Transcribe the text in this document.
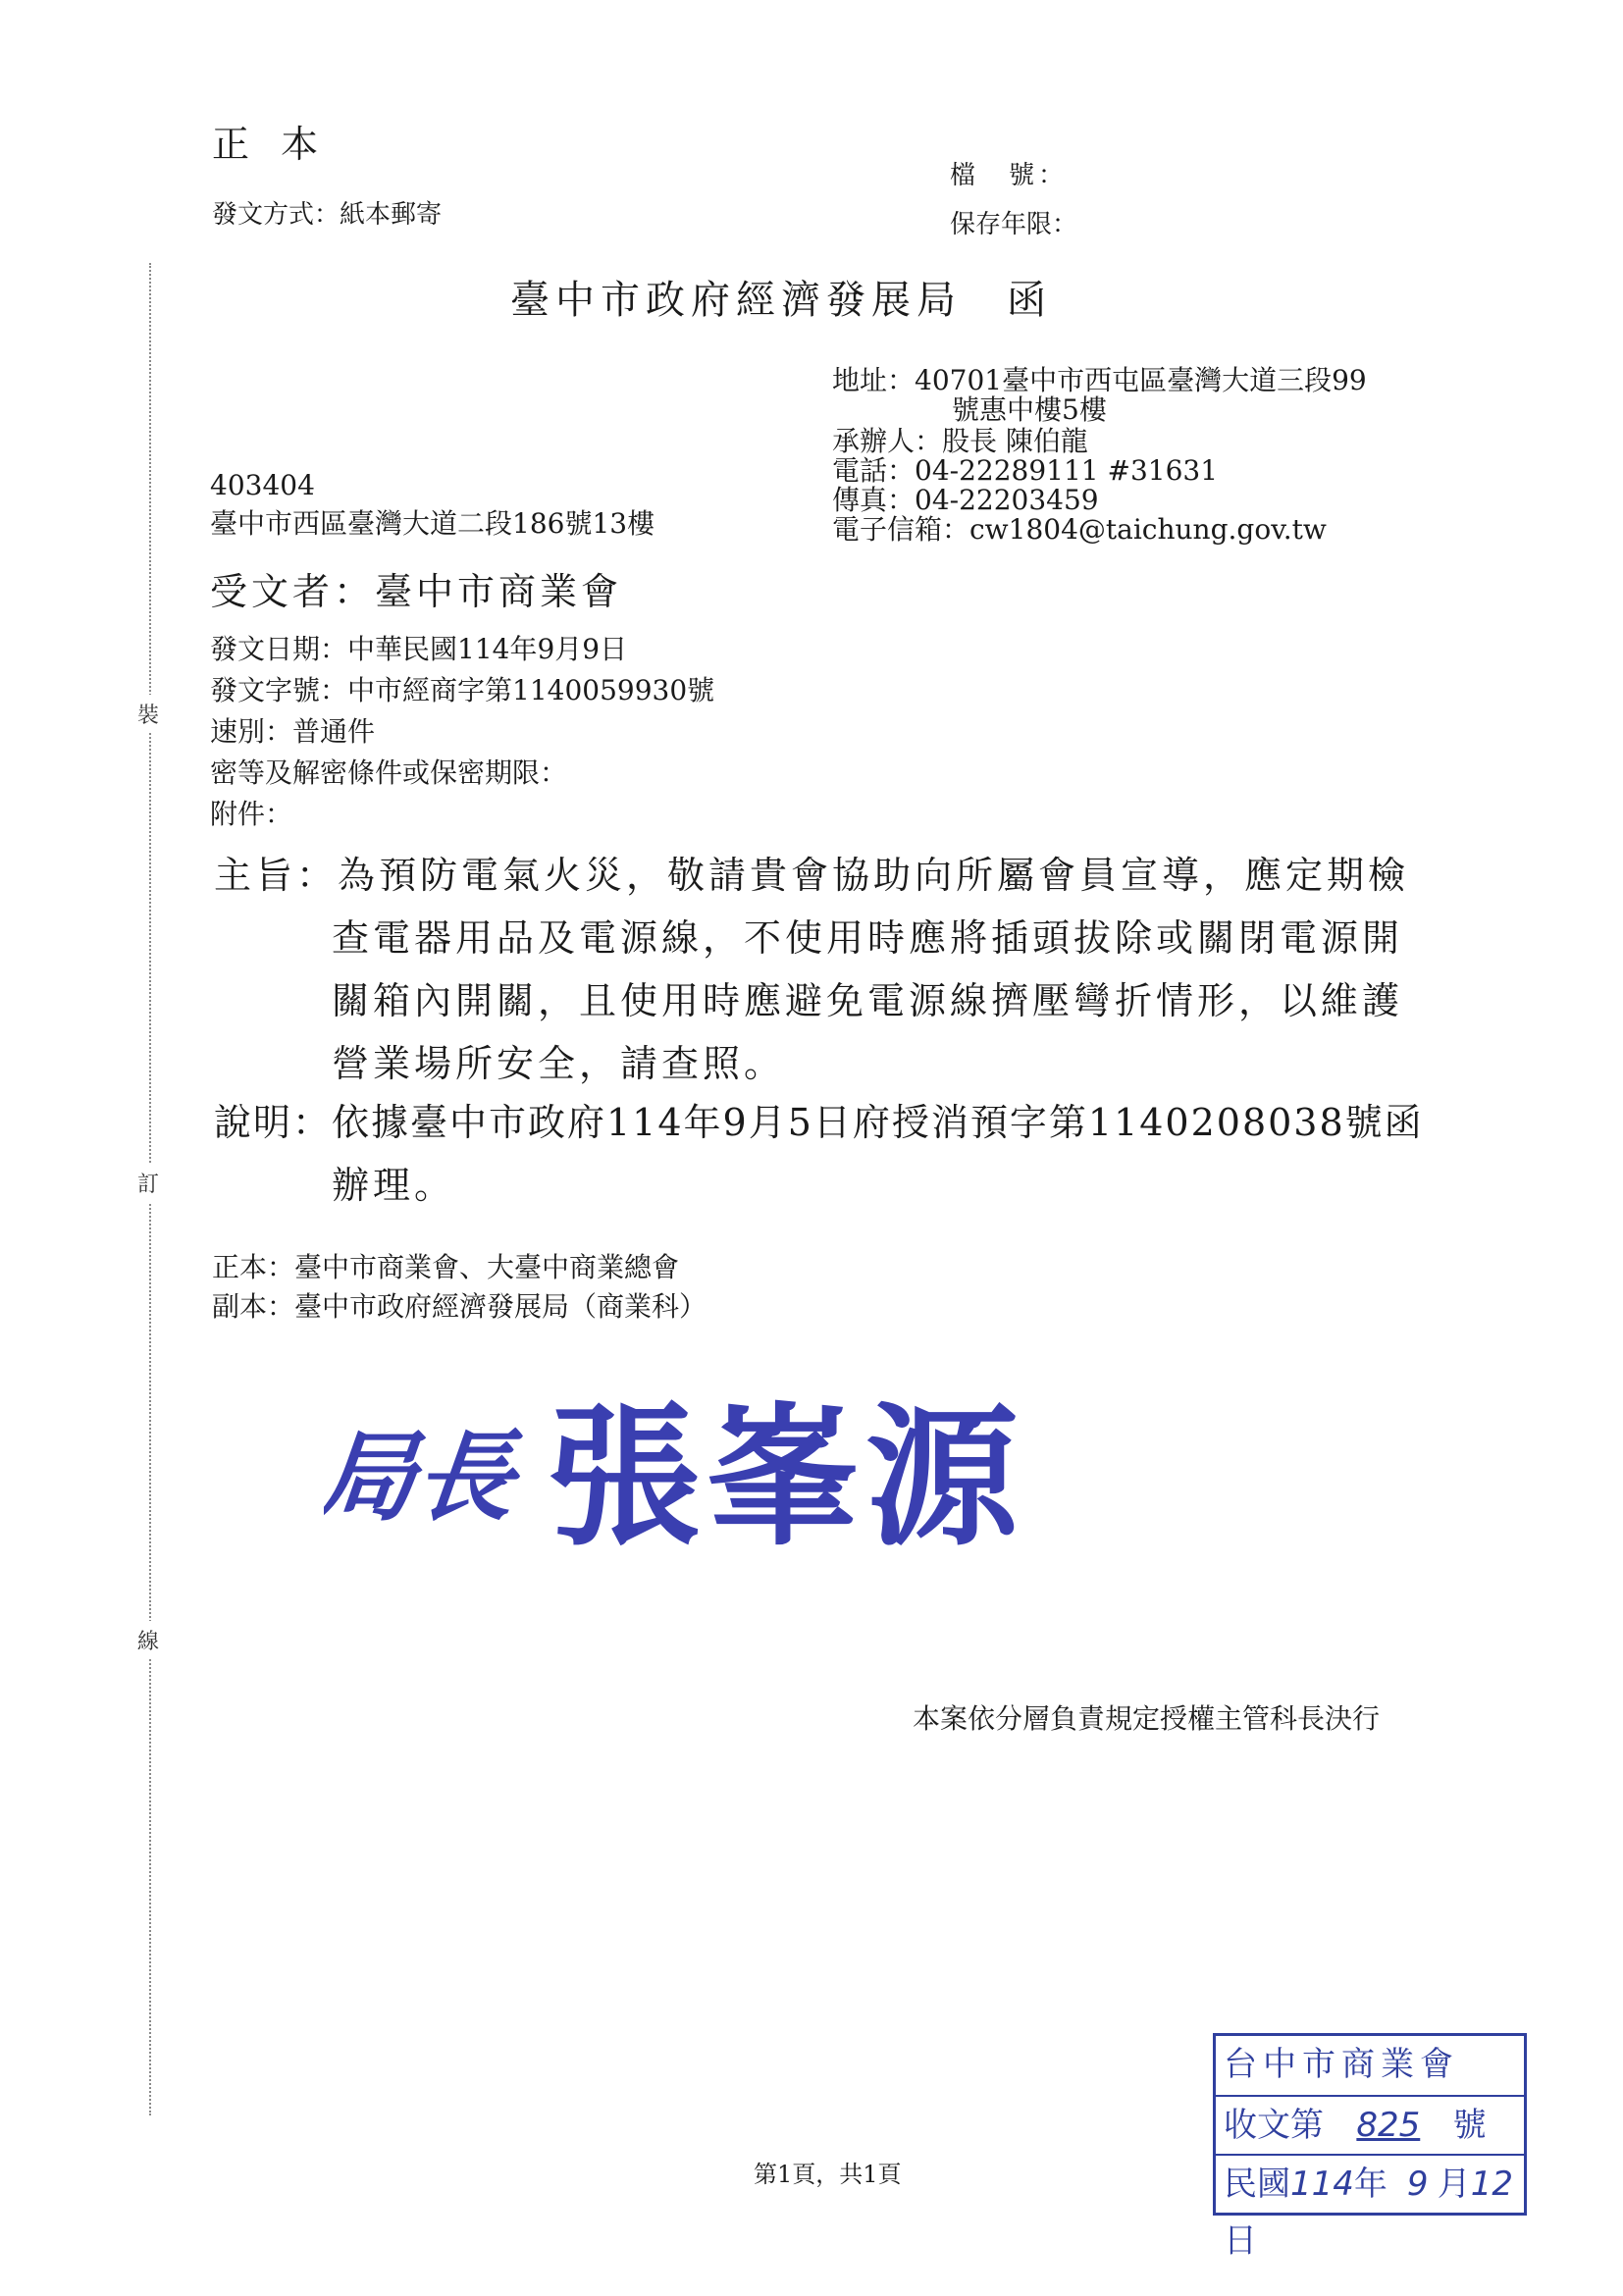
裝
訂
線
正 本
發文方式：紙本郵寄
檔　號：
保存年限：
臺中市政府經濟發展局　函
地址：40701臺中市西屯區臺灣大道三段99
號惠中樓5樓
承辦人：股長 陳伯龍
電話：04-22289111 #31631
傳真：04-22203459
電子信箱：cw1804@taichung.gov.tw
403404
臺中市西區臺灣大道二段186號13樓
受文者：臺中市商業會
發文日期：中華民國114年9月9日
發文字號：中市經商字第1140059930號
速別：普通件
密等及解密條件或保密期限：
附件：
主旨：為預防電氣火災，敬請貴會協助向所屬會員宣導，應定期檢
查電器用品及電源線，不使用時應將插頭拔除或關閉電源開
關箱內開關，且使用時應避免電源線擠壓彎折情形，以維護
營業場所安全，請查照。
說明：依據臺中市政府114年9月5日府授消預字第1140208038號函
辦理。
正本：臺中市商業會、大臺中商業總會
副本：臺中市政府經濟發展局（商業科）
局長 張峯源
本案依分層負責規定授權主管科長決行
台中市商業會
收文第 825 號
民國114年 9 月12日
第1頁，共1頁
